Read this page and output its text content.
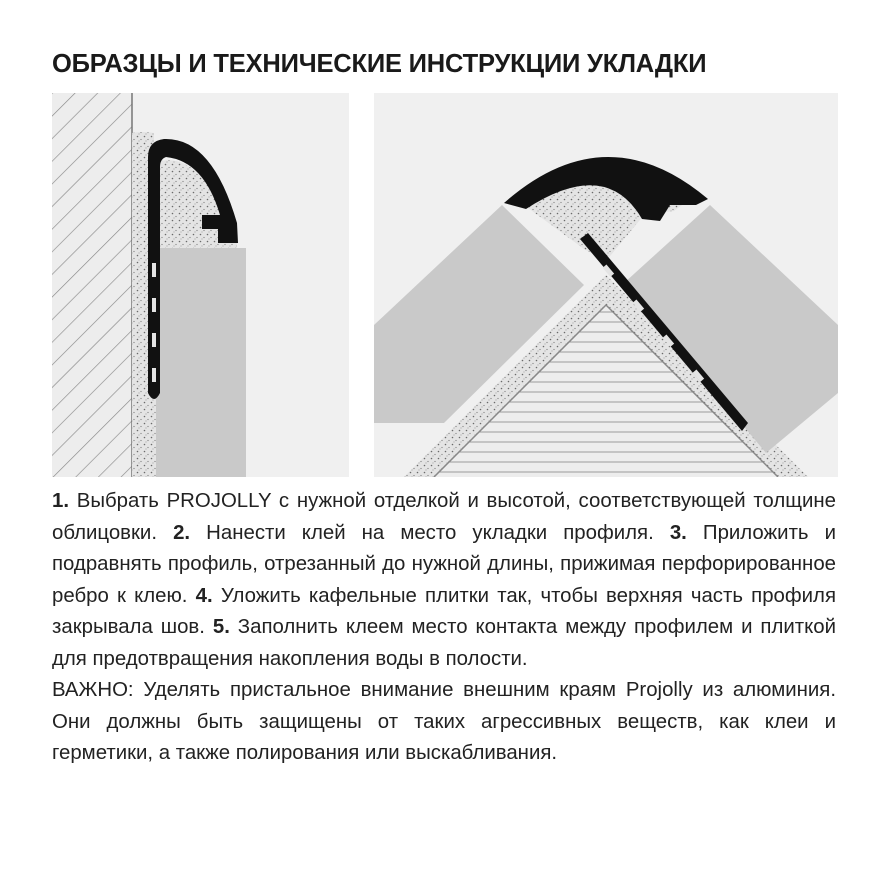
ОБРАЗЦЫ И ТЕХНИЧЕСКИЕ ИНСТРУКЦИИ УКЛАДКИ

1. Выбрать PROJOLLY с нужной отделкой и высотой, соответствующей толщине облицовки. 2. Нанести клей на место укладки профиля. 3. Приложить и подравнять профиль, отрезанный до нужной длины, прижимая перфорированное ребро к клею. 4. Уложить кафельные плитки так, чтобы верхняя часть профиля закрывала шов. 5. Заполнить клеем место контакта между профилем и плиткой для предотвращения накопления воды в полости.

ВАЖНО: Уделять пристальное внимание внешним краям Projolly из алюминия. Они должны быть защищены от таких агрессивных веществ, как клеи и герметики, а также полирования или выскабливания.
